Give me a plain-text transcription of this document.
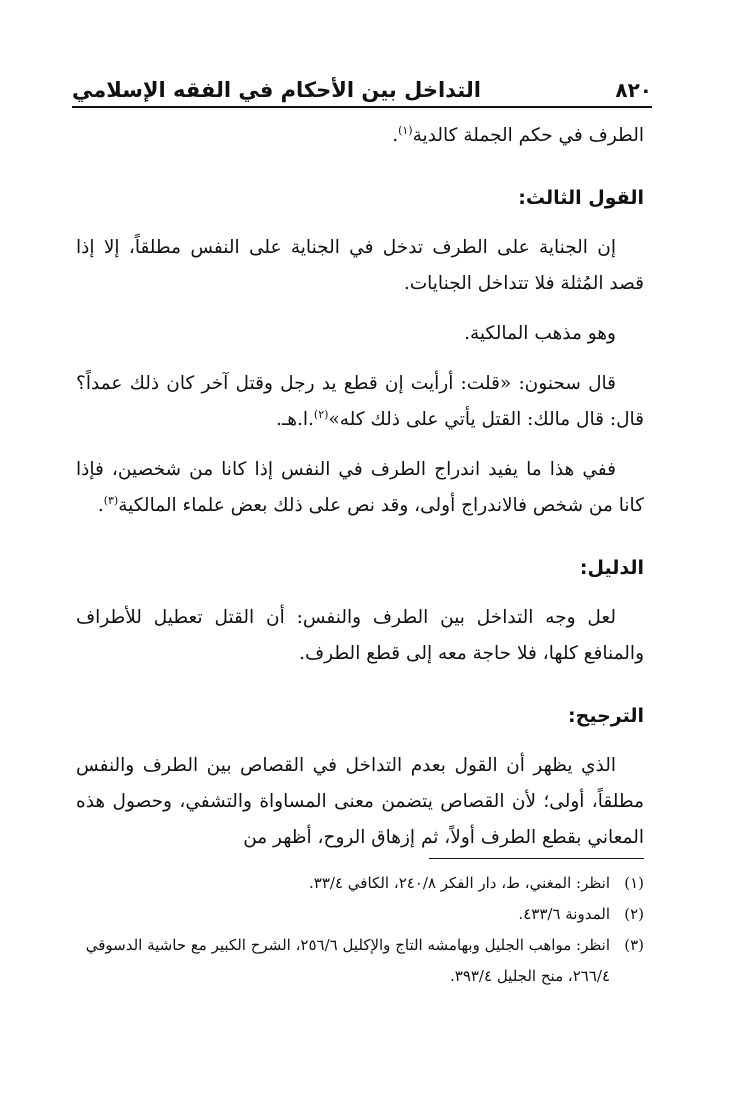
٨٢٠
التداخل بين الأحكام في الفقه الإسلامي

الطرف في حكم الجملة كالدية$^{(١)}$.

القول الثالث:

إن الجناية على الطرف تدخل في الجناية على النفس مطلقاً، إلا إذا قصد المُثلة فلا تتداخل الجنايات.

وهو مذهب المالكية.

قال سحنون: «قلت: أرأيت إن قطع يد رجل وقتل آخر كان ذلك عمداً؟ قال: قال مالك: القتل يأتي على ذلك كله»$^{(٢)}$.ا.هـ.

ففي هذا ما يفيد اندراج الطرف في النفس إذا كانا من شخصين، فإذا كانا من شخص فالاندراج أولى، وقد نص على ذلك بعض علماء المالكية$^{(٣)}$.

الدليل:

لعل وجه التداخل بين الطرف والنفس: أن القتل تعطيل للأطراف والمنافع كلها، فلا حاجة معه إلى قطع الطرف.

الترجيح:

الذي يظهر أن القول بعدم التداخل في القصاص بين الطرف والنفس مطلقاً، أولى؛ لأن القصاص يتضمن معنى المساواة والتشفي، وحصول هذه المعاني بقطع الطرف أولاً، ثم إزهاق الروح، أظهر من

(١)
انظر: المغني، ط، دار الفكر ٢٤٠/٨، الكافي ٣٣/٤.
(٢)
المدونة ٤٣٣/٦.
(٣)
انظر: مواهب الجليل وبهامشه التاج والإكليل ٢٥٦/٦، الشرح الكبير مع حاشية الدسوقي ٢٦٦/٤، منح الجليل ٣٩٣/٤.
